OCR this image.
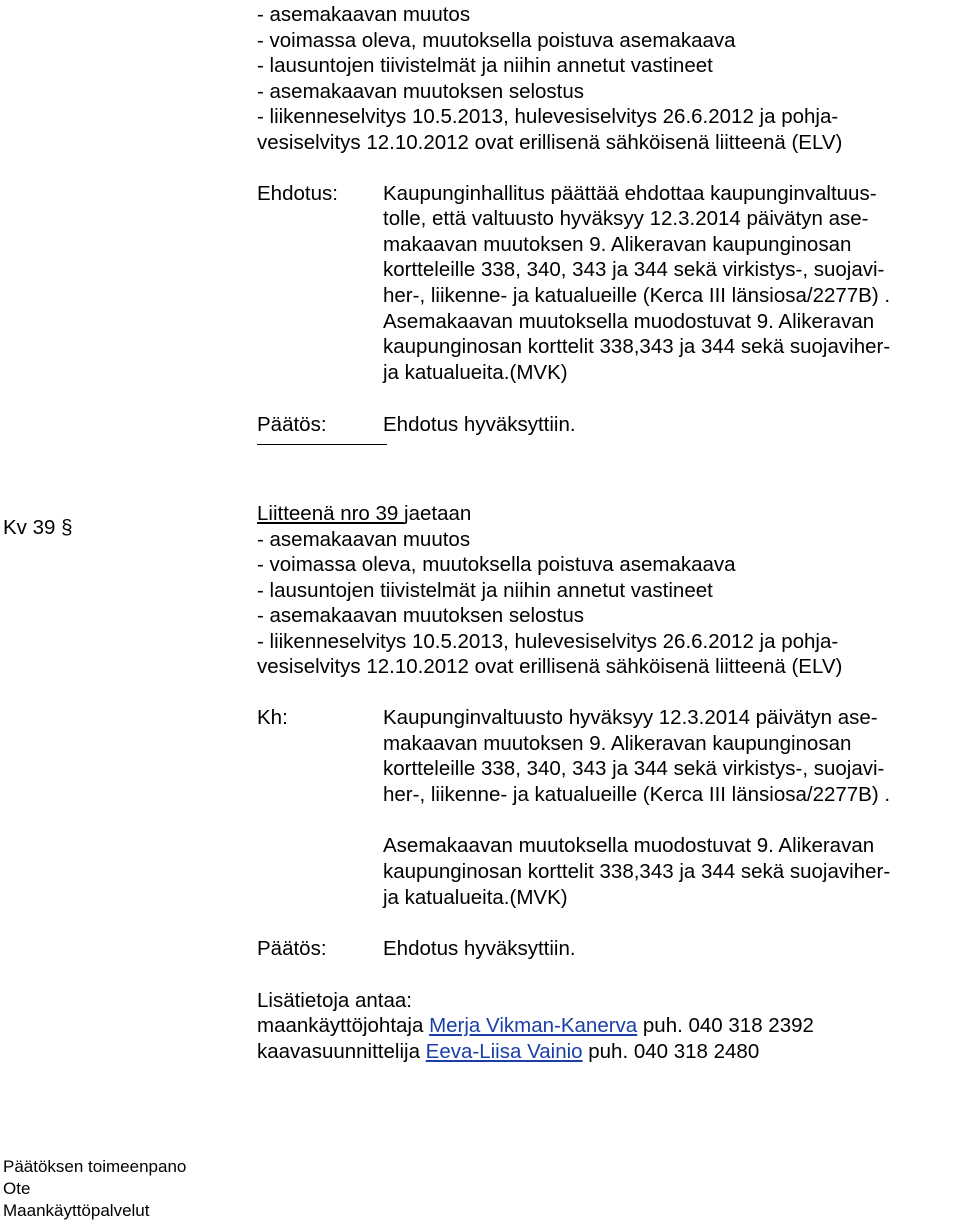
- asemakaavan muutos
- voimassa oleva, muutoksella poistuva asemakaava
- lausuntojen tiivistelmät ja niihin annetut vastineet
- asemakaavan muutoksen selostus
- liikenneselvitys 10.5.2013, hulevesiselvitys 26.6.2012 ja pohja-
vesiselvitys 12.10.2012 ovat erillisenä sähköisenä liitteenä (ELV)
Ehdotus:	Kaupunginhallitus päättää ehdottaa kaupunginvaltuus-
tolle, että valtuusto hyväksyy 12.3.2014 päivätyn ase-
makaavan muutoksen 9. Alikeravan kaupunginosan
kortteleille 338, 340, 343 ja 344 sekä virkistys-, suojavi-
her-, liikenne- ja katualueille (Kerca III länsiosa/2277B) .
Asemakaavan muutoksella muodostuvat 9. Alikeravan
kaupunginosan korttelit 338,343 ja 344 sekä suojaviher-
ja katualueita.(MVK)
Päätös:	Ehdotus hyväksyttiin.
Liitteenä nro 39 jaetaan
- asemakaavan muutos
- voimassa oleva, muutoksella poistuva asemakaava
- lausuntojen tiivistelmät ja niihin annetut vastineet
- asemakaavan muutoksen selostus
- liikenneselvitys 10.5.2013, hulevesiselvitys 26.6.2012 ja pohja-
vesiselvitys 12.10.2012 ovat erillisenä sähköisenä liitteenä (ELV)
Kh:	Kaupunginvaltuusto hyväksyy 12.3.2014 päivätyn ase-
makaavan muutoksen 9. Alikeravan kaupunginosan
kortteleille 338, 340, 343 ja 344 sekä virkistys-, suojavi-
her-, liikenne- ja katualueille (Kerca III länsiosa/2277B) .
Asemakaavan muutoksella muodostuvat 9. Alikeravan
kaupunginosan korttelit 338,343 ja 344 sekä suojaviher-
ja katualueita.(MVK)
Päätös:	Ehdotus hyväksyttiin.
Lisätietoja antaa:
maankäyttöjohtaja Merja Vikman-Kanerva puh. 040 318 2392
kaavasuunnittelija Eeva-Liisa Vainio puh. 040 318 2480
Kv 39 §
Päätöksen toimeenpano
Ote
Maankäyttöpalvelut
